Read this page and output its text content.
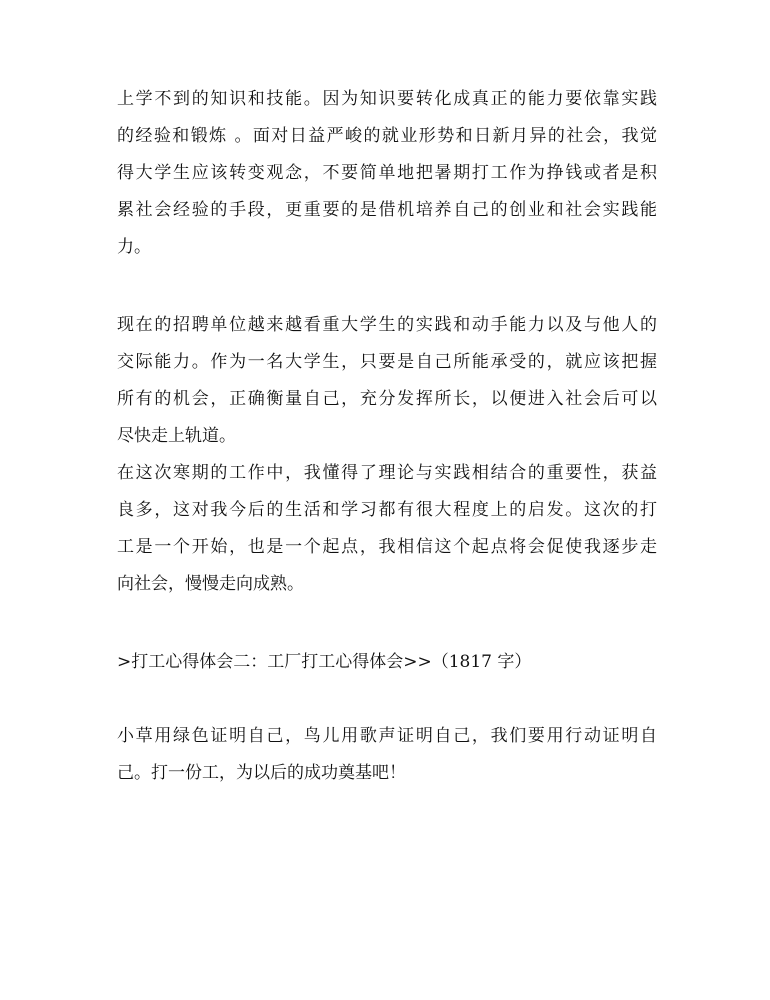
上学不到的知识和技能。因为知识要转化成真正的能力要依靠实践
的经验和锻炼 。面对日益严峻的就业形势和日新月异的社会，我觉
得大学生应该转变观念，不要简单地把暑期打工作为挣钱或者是积
累社会经验的手段，更重要的是借机培养自己的创业和社会实践能
力。
现在的招聘单位越来越看重大学生的实践和动手能力以及与他人的
交际能力。作为一名大学生，只要是自己所能承受的，就应该把握
所有的机会，正确衡量自己，充分发挥所长，以便进入社会后可以
尽快走上轨道。
在这次寒期的工作中，我懂得了理论与实践相结合的重要性，获益
良多，这对我今后的生活和学习都有很大程度上的启发。这次的打
工是一个开始，也是一个起点，我相信这个起点将会促使我逐步走
向社会，慢慢走向成熟。
>打工心得体会二：工厂打工心得体会>>（1817 字）
小草用绿色证明自己，鸟儿用歌声证明自己，我们要用行动证明自
己。打一份工，为以后的成功奠基吧！
